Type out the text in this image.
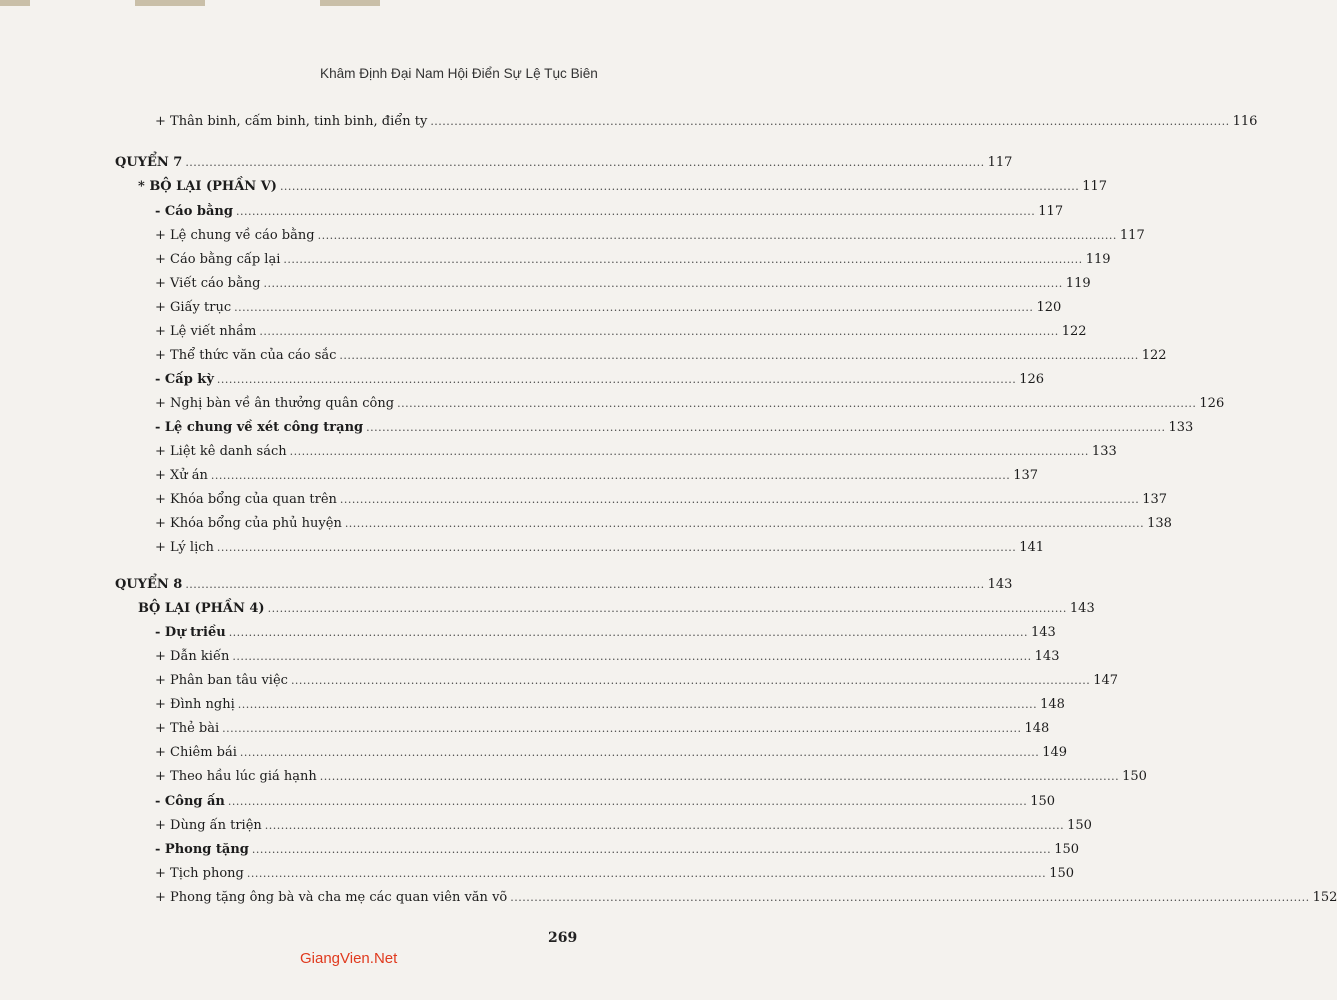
Khâm Định Đại Nam Hội Điển Sự Lệ Tục Biên
+ Thân binh, cấm binh, tinh binh, điển ty ........................................................................................................................................................................................................ 116
QUYỂN 7 ........................................................................................................................................................................................................ 117
* BỘ LẠI (PHẦN V) ........................................................................................................................................................................................................ 117
- Cáo bằng ........................................................................................................................................................................................................ 117
+ Lệ chung về cáo bằng ........................................................................................................................................................................................................ 117
+ Cáo bằng cấp lại ........................................................................................................................................................................................................ 119
+ Viết cáo bằng ........................................................................................................................................................................................................ 119
+ Giấy trục ........................................................................................................................................................................................................ 120
+ Lệ viết nhầm ........................................................................................................................................................................................................ 122
+ Thể thức văn của cáo sắc ........................................................................................................................................................................................................ 122
- Cấp kỳ ........................................................................................................................................................................................................ 126
+ Nghị bàn về ân thưởng quân công ........................................................................................................................................................................................................ 126
- Lệ chung về xét công trạng ........................................................................................................................................................................................................ 133
+ Liệt kê danh sách ........................................................................................................................................................................................................ 133
+ Xử án ........................................................................................................................................................................................................ 137
+ Khóa bổng của quan trên ........................................................................................................................................................................................................ 137
+ Khóa bổng của phủ huyện ........................................................................................................................................................................................................ 138
+ Lý lịch ........................................................................................................................................................................................................ 141
QUYỂN 8 ........................................................................................................................................................................................................ 143
BỘ LẠI (PHẦN 4) ........................................................................................................................................................................................................ 143
- Dự triều ........................................................................................................................................................................................................ 143
+ Dẫn kiến ........................................................................................................................................................................................................ 143
+ Phân ban tâu việc ........................................................................................................................................................................................................ 147
+ Đình nghị ........................................................................................................................................................................................................ 148
+ Thẻ bài ........................................................................................................................................................................................................ 148
+ Chiêm bái ........................................................................................................................................................................................................ 149
+ Theo hầu lúc giá hạnh ........................................................................................................................................................................................................ 150
- Công ấn ........................................................................................................................................................................................................ 150
+ Dùng ấn triện ........................................................................................................................................................................................................ 150
- Phong tặng ........................................................................................................................................................................................................ 150
+ Tịch phong ........................................................................................................................................................................................................ 150
+ Phong tặng ông bà và cha mẹ các quan viên văn võ ........................................................................................................................................................................................................ 152
269
GiangVien.Net
